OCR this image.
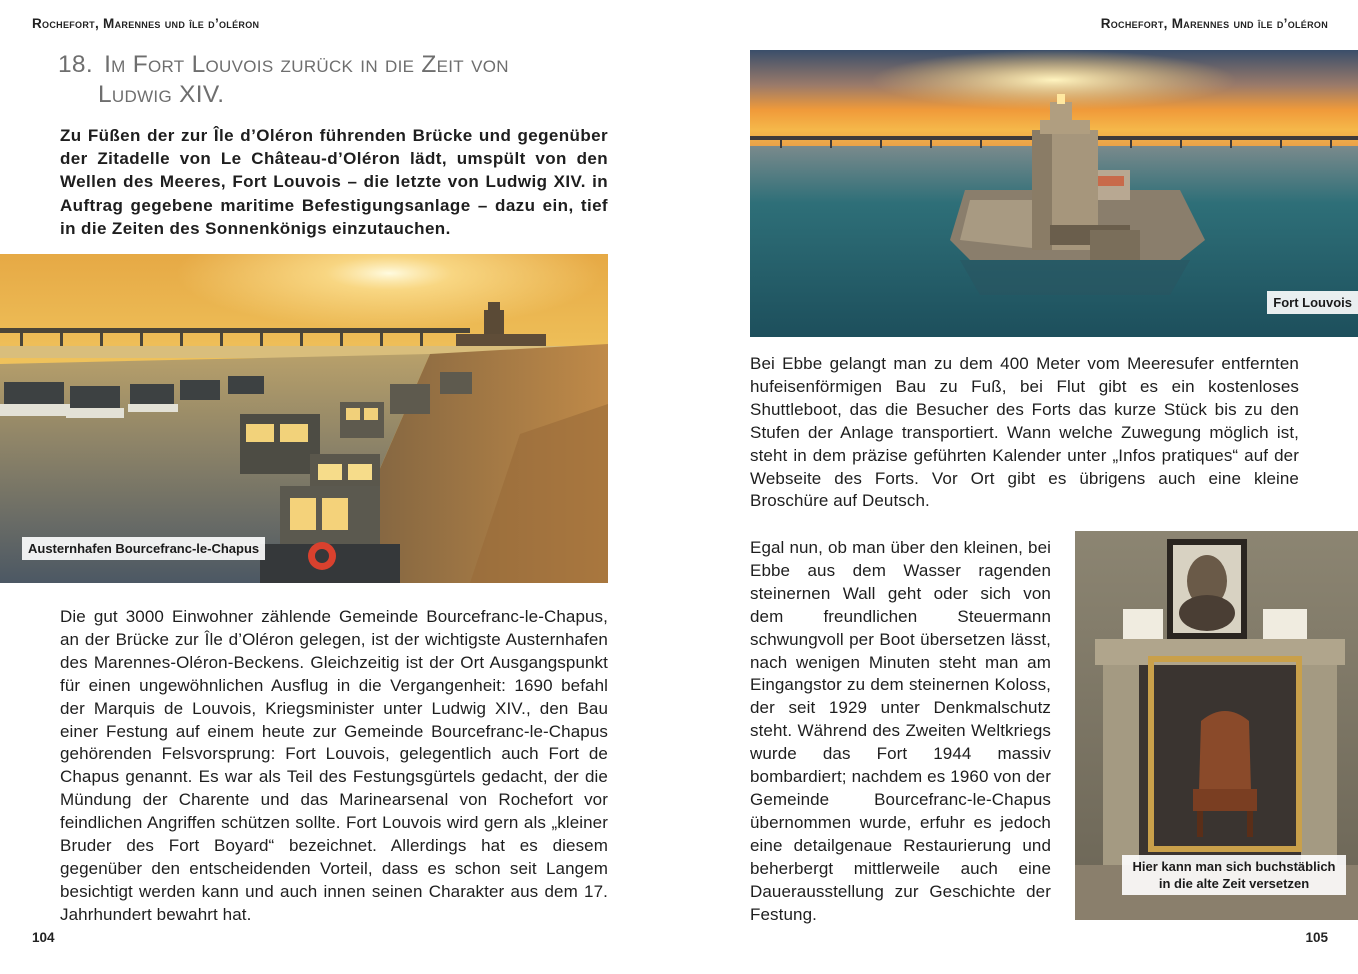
Rochefort, Marennes und île d’oléron	Rochefort, Marennes und île d’oléron
18. Im Fort Louvois zurück in die Zeit von
Ludwig XIV.
Zu Füßen der zur Île d’Oléron führenden Brücke und gegenüber der Zitadelle von Le Château-d’Oléron lädt, umspült von den Wellen des Meeres, Fort Louvois – die letzte von Ludwig XIV. in Auftrag gegebene maritime Befestigungsanlage – dazu ein, tief in die Zeiten des Sonnenkönigs einzutauchen.
Austernhafen Bourcefranc-le-Chapus
Die gut 3000 Einwohner zählende Gemeinde Bourcefranc-le-Chapus, an der Brücke zur Île d’Oléron gelegen, ist der wichtigste Austernhafen des Marennes-Oléron-Beckens. Gleichzeitig ist der Ort Ausgangspunkt für einen ungewöhnlichen Ausflug in die Vergangenheit: 1690 befahl der Marquis de Louvois, Kriegsminister unter Ludwig XIV., den Bau einer Festung auf einem heute zur Gemeinde Bourcefranc-le-Chapus gehörenden Felsvorsprung: Fort Louvois, gelegentlich auch Fort de Chapus genannt. Es war als Teil des Festungsgürtels gedacht, der die Mündung der Charente und das Marinearsenal von Rochefort vor feindlichen Angriffen schützen sollte. Fort Louvois wird gern als „kleiner Bruder des Fort Boyard“ bezeichnet. Allerdings hat es diesem gegenüber den entscheidenden Vorteil, dass es schon seit Langem besichtigt werden kann und auch innen seinen Charakter aus dem 17. Jahrhundert bewahrt hat.
104
Fort Louvois
Bei Ebbe gelangt man zu dem 400 Meter vom Meeresufer entfernten hufeisenförmigen Bau zu Fuß, bei Flut gibt es ein kostenloses Shuttleboot, das die Besucher des Forts das kurze Stück bis zu den Stufen der Anlage transportiert. Wann welche Zuwegung möglich ist, steht in dem präzise geführten Kalender unter „Infos pratiques“ auf der Webseite des Forts. Vor Ort gibt es übrigens auch eine kleine Broschüre auf Deutsch.
Egal nun, ob man über den kleinen, bei Ebbe aus dem Wasser ragenden steinernen Wall geht oder sich von dem freundlichen Steuermann schwungvoll per Boot übersetzen lässt, nach wenigen Minuten steht man am Eingangstor zu dem steinernen Koloss, der seit 1929 unter Denkmalschutz steht. Während des Zweiten Weltkriegs wurde das Fort 1944 massiv bombardiert; nachdem es 1960 von der Gemeinde Bourcefranc-le-Chapus übernommen wurde, erfuhr es jedoch eine detailgenaue Restaurierung und beherbergt mittlerweile auch eine Dauerausstellung zur Geschichte der Festung.
Hier kann man sich buchstäblich in die alte Zeit versetzen
105
